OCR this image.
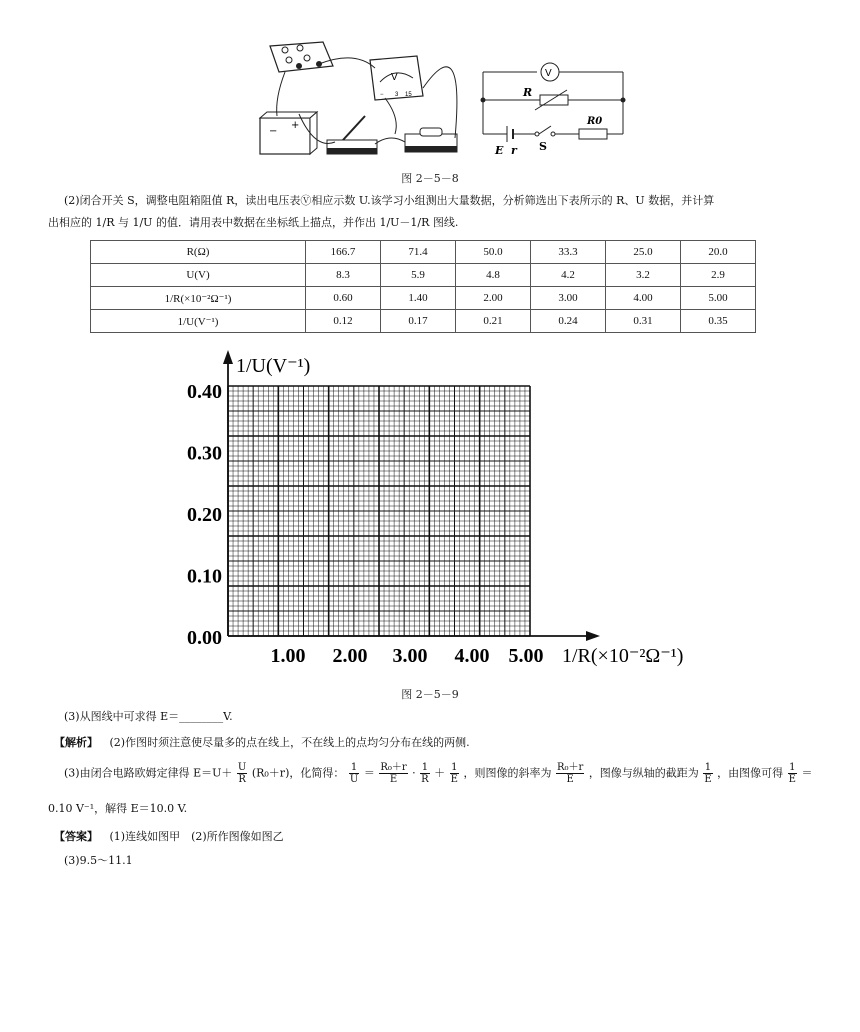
V
− 3 15
−
+
V
R
R0
E r S
图 2－5－8
(2)闭合开关 S，调整电阻箱阻值 R，读出电压表Ⓥ相应示数 U.该学习小组测出大量数据，分析筛选出下表所示的 R、U 数据，并计算
出相应的 1/R 与 1/U 的值．请用表中数据在坐标纸上描点，并作出 1/U－1/R 图线.
R(Ω)	166.7	71.4	50.0	33.3	25.0	20.0
U(V)	8.3	5.9	4.8	4.2	3.2	2.9
1/R(×10⁻²Ω⁻¹)	0.60	1.40	2.00	3.00	4.00	5.00
1/U(V⁻¹)	0.12	0.17	0.21	0.24	0.31	0.35
0.40
0.30
0.20
0.10
0.00
1.00 2.00 3.00 4.00 5.00
1/U(V⁻¹)
1/R(×10⁻²Ω⁻¹)
图 2－5－9
(3)从图线中可求得 E＝________V.
【解析】 (2)作图时须注意使尽量多的点在线上，不在线上的点均匀分布在线的两侧.
(3)由闭合电路欧姆定律得 $E=U+ \frac{U}{R} (R_0+r)$，化简得： $\frac{1}{U} = \frac{\text{R₀＋r}}{E} \cdot \frac{1}{R} + \frac{1}{E}$ ，则图像的斜率为 $\frac{\text{R₀＋r}}{E}$ ，图像与纵轴的截距为 $\frac{1}{E}$ ，由图像可得 $\frac{1}{E}$ ＝
0.10 V⁻¹，解得 E＝10.0 V.
【答案】 (1)连线如图甲　(2)所作图像如图乙
(3)9.5～11.1
